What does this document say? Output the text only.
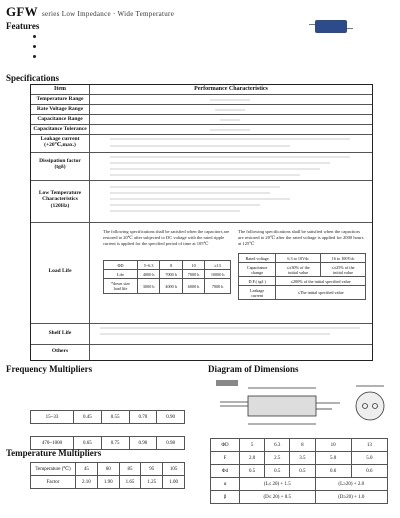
GFW series Low Impedance · Wide Temperature
Features
Specifications
Item	Performance Characteristics
Temperature Range
Rate Voltage Range
Capacitance Range
Capacitance Tolerance
Leakage current
(+20℃,max.)
Dissipation factor
(tgδ)
Low Temperature
Characteristics
(120Hz)
Load Life
Shelf Life
Others
The following specifications shall be satisfied when the capacitors are restored to 20℃ after subjected to DC voltage with the rated ripple current is applied for the specified period of time at 105℃
ΦD	5~6.3	8	10	≥13
Life	4000 h	7000 h	7000 h	10000 h
*down size
load life	3000 h	4000 h	6000 h	7000 h
The following specifications shall be satisfied when the capacitors are restored to 20℃ after the rated voltage is applied for 2000 hours at 125℃
Rated voltage	6.3 to 10Vdc	16 to 100Vdc
Capacitance
change	≤±30% of the
initial value	≤±25% of the
initial value
D.F.( tgδ )	≤200% of the initial specified value	
Leakage
current	≤The initial specified value	
Frequency Multipliers

15~33	0.45	0.55	0.70	0.90

470~1000	0.65	0.75	0.90	0.98
Temperature Multipliers
Temperature (℃)	45	60	85	95	105
Factor	2.10	1.90	1.65	1.25	1.00
Diagram of Dimensions
ΦD	5	6.3	8	10	13
F	2.0	2.5	3.5	5.0	5.0
Φd	0.5	0.5	0.5	0.6	0.6
α	(L≤ 20) + 1.5			(L≥20) + 2.0	
β	(D≤ 20) + 0.5			(D≥20) + 1.0	
